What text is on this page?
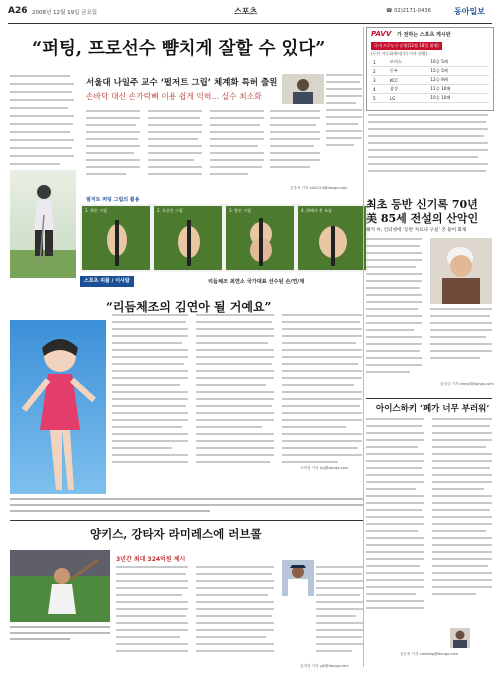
A26 2008년 12월 19일 금요일	스포츠	☎ 02)2171-0436	동아일보
“퍼팅, 프로선수 뺨치게 잘할 수 있다”
서울대 나일주 교수 ‘펄저트 그립’ 체계화 특허 출원
손바닥 대신 손가락뼈 이용 쉽게 익혀… 실수 최소화
김종석 기자 kjs0123@donga.com
펄저트 퍼팅 그립의 활용
1. 왼손 그립	2. 오른손 그립	3. 양손 그립	4. 위에서 본 모습
PAVV 가 전하는 스포츠 게시판
국내 프로농구 순위(12월 18일 현재)
(두산 자동화제어(주) 이자 현황)
1	모비스	16승 5패
2	동부	15승 5패
3	KCC	12승 9패
4	삼성	11승 10패
5	LG	10승 10패
최초 등반 신기록 70년
美 85세 전설의 산악인
헤키 씨, 인터넷에 ‘등반 자료나 구실’ 궁 용어 화제
김성규 기자 kimsk@donga.com
스포츠 피플 / 이사람	리듬체조 최연소 국가대표 선수된 손/연/재
“리듬체조의 김연아 될 거예요”
고연정 기자 kyj@donga.com
아이스하키 ‘페가 너무 부러워’
김동욱 기자 creating@donga.com
양키스, 강타자 라미레스에 러브콜
3년간 최대 324억원 제시
유지현 기자 yjh@donga.com
